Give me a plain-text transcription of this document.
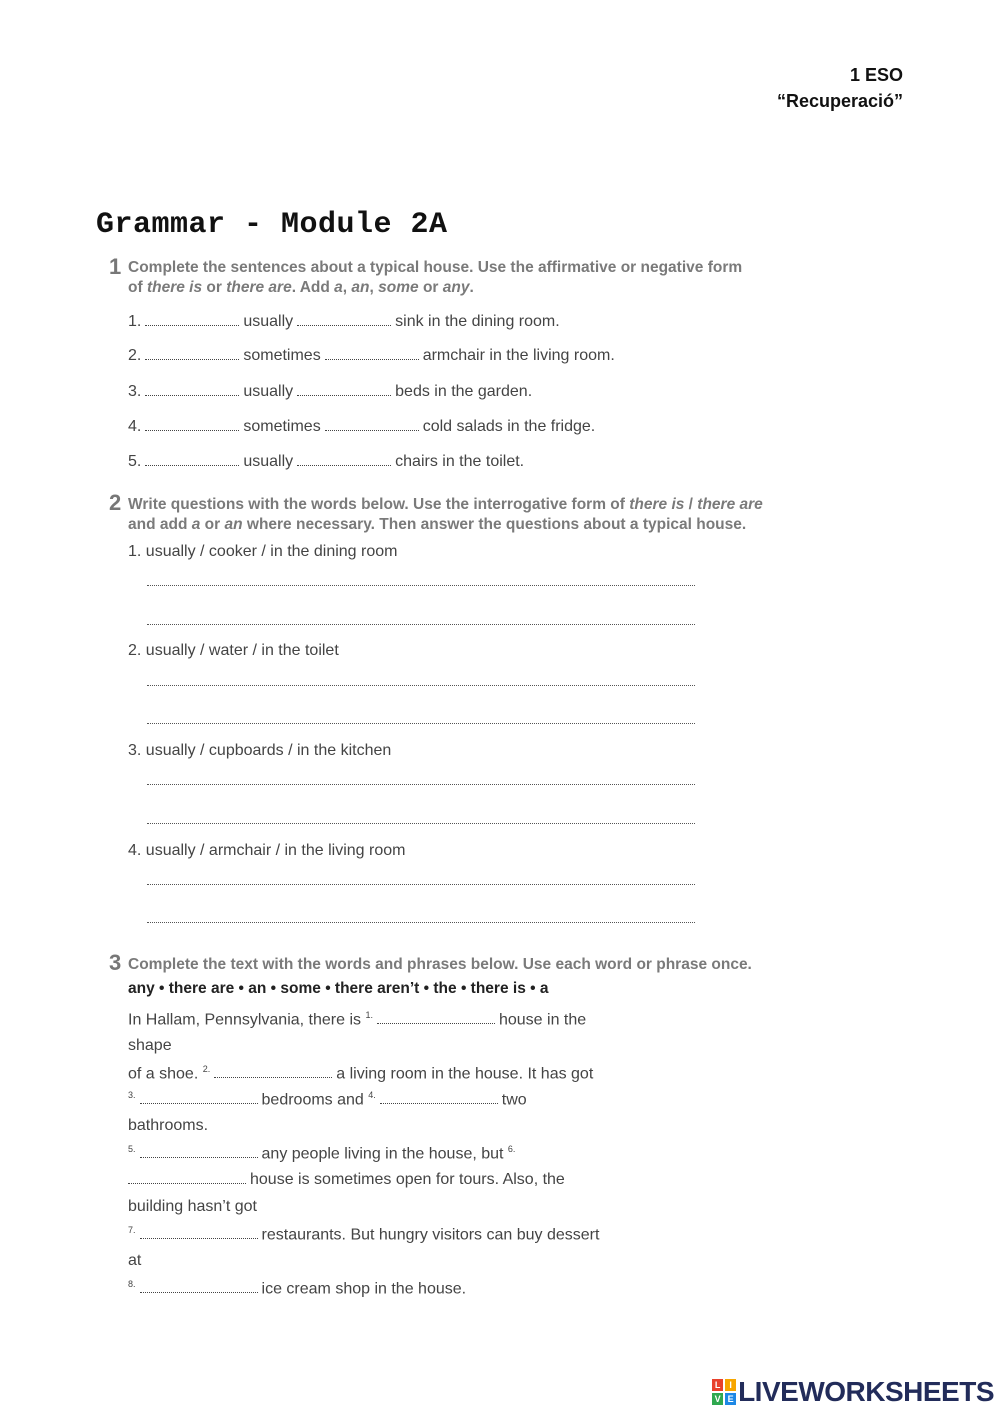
1 ESO
“Recuperació”
Grammar - Module 2A
1 Complete the sentences about a typical house. Use the affirmative or negative form
of there is or there are. Add a, an, some or any.
1.	usually	sink in the dining room.
2.	sometimes	armchair in the living room.
3.	usually	beds in the garden.
4.	sometimes	cold salads in the fridge.
5.	usually	chairs in the toilet.
2 Write questions with the words below. Use the interrogative form of there is / there are
and add a or an where necessary. Then answer the questions about a typical house.
1. usually / cooker / in the dining room
2. usually / water / in the toilet
3. usually / cupboards / in the kitchen
4. usually / armchair / in the living room
3 Complete the text with the words and phrases below. Use each word or phrase once.
any • there are • an • some • there aren’t • the • there is • a
In Hallam, Pennsylvania, there is $^{1.}$	house in the
shape
of a shoe. $^{2.}$	a living room in the house. It has got
$^{3.}$	bedrooms and $^{4.}$	two
bathrooms.
$^{5.}$	any people living in the house, but $^{6.}$
house is sometimes open for tours. Also, the
building hasn’t got
$^{7.}$	restaurants. But hungry visitors can buy dessert
at
$^{8.}$	ice cream shop in the house.
L I
V E LIVEWORKSHEETS
